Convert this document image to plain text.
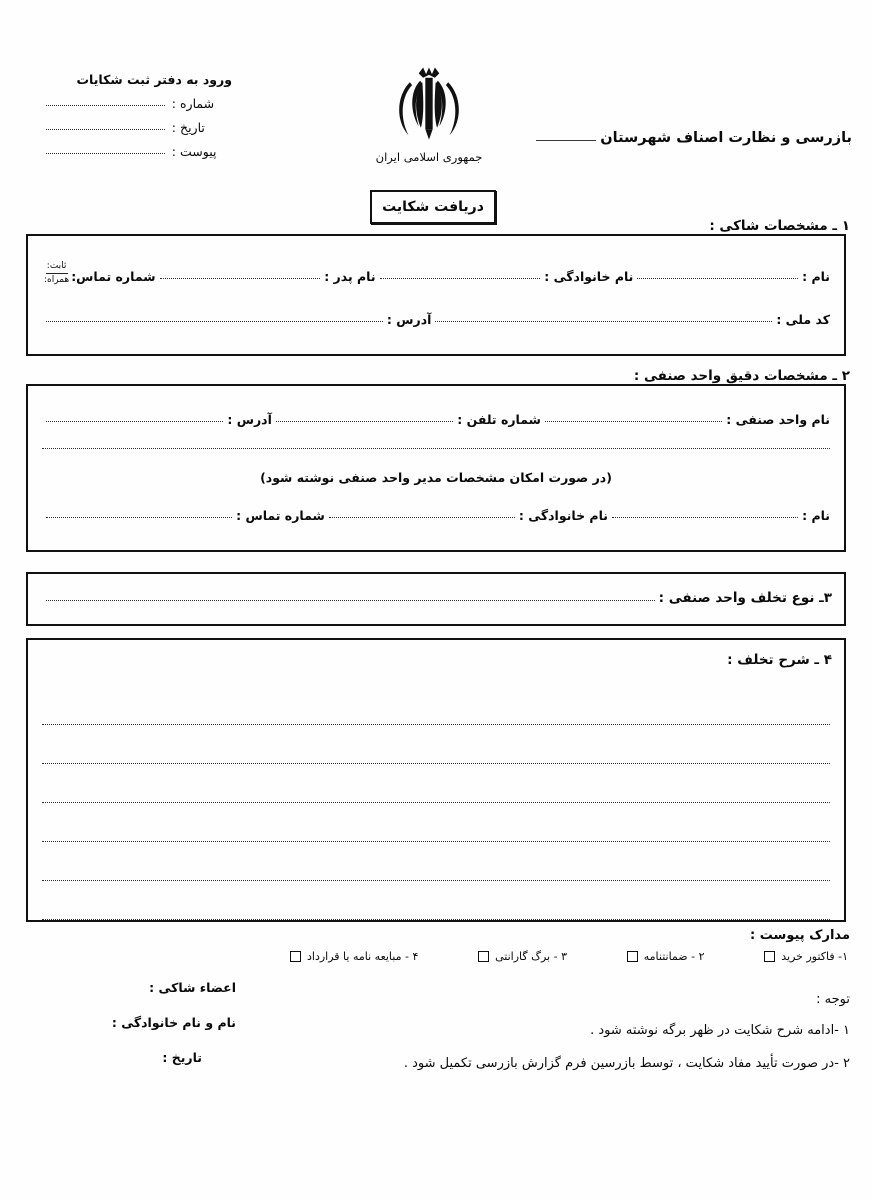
ورود به دفتر ثبت شکایات
شماره
:
تاریخ
:
پیوست
:	جمهوری اسلامی ایران
دریافت شکایت
بازرسی و نظارت اصناف شهرستان
۱ ـ مشخصات شاکی :
نام :
نام خانوادگی :
نام پدر :
شماره تماس:
ثابت:
همراه:
کد ملی :
آدرس :
۲ ـ مشخصات دقیق واحد صنفی :
نام واحد صنفی :
شماره تلفن :
آدرس :
(در صورت امکان مشخصات مدیر واحد صنفی نوشته شود)
نام :
نام خانوادگی :
شماره تماس :
۳ـ نوع تخلف واحد صنفی :
۴ ـ شرح تخلف :
مدارک پیوست :
۱- فاکتور خرید
۲ - ضمانتنامه
۳ - برگ گارانتی
۴ - مبایعه نامه یا قرارداد
توجه :
۱ -ادامه شرح شکایت در ظهر برگه نوشته شود .
۲ -در صورت تأیید مفاد شکایت ، توسط بازرسین فرم گزارش بازرسی تکمیل شود .
اعضاء شاکی :
نام و نام خانوادگی :
تاریخ :
